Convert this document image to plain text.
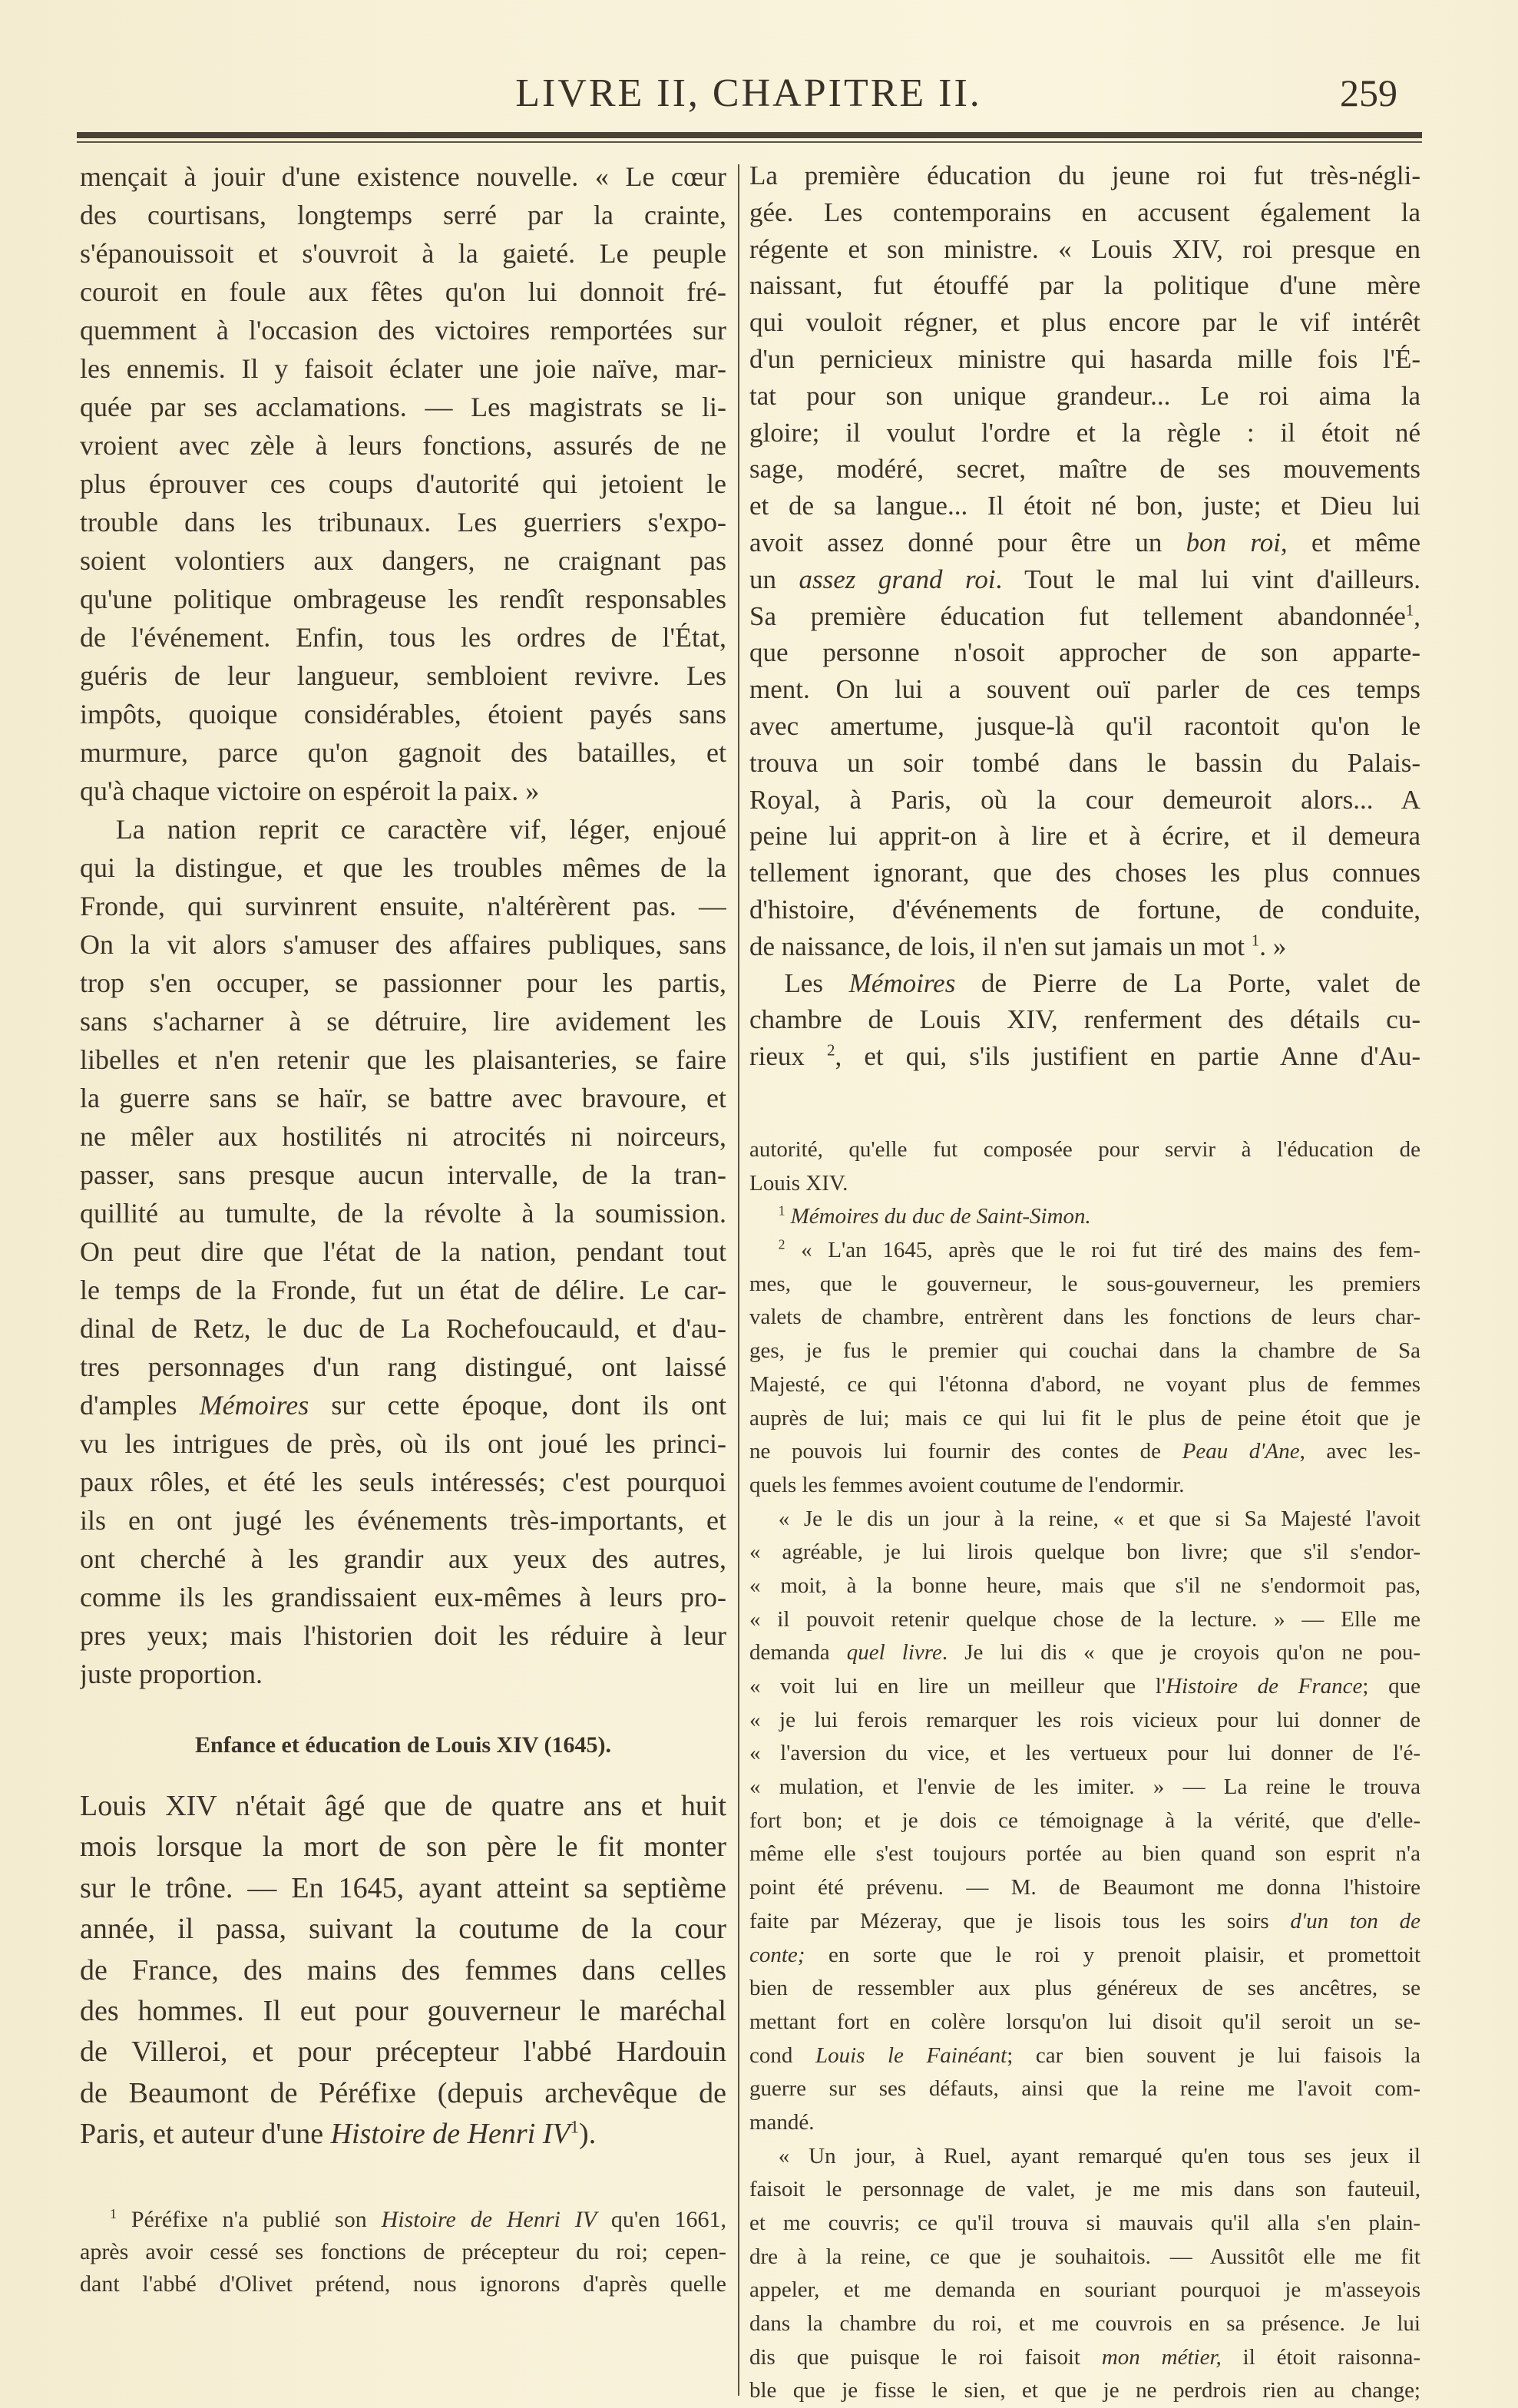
LIVRE II, CHAPITRE II.	259
mençait à jouir d'une existence nouvelle. « Le cœur
des courtisans, longtemps serré par la crainte,
s'épanouissoit et s'ouvroit à la gaieté. Le peuple
couroit en foule aux fêtes qu'on lui donnoit fré-
quemment à l'occasion des victoires remportées sur
les ennemis. Il y faisoit éclater une joie naïve, mar-
quée par ses acclamations. — Les magistrats se li-
vroient avec zèle à leurs fonctions, assurés de ne
plus éprouver ces coups d'autorité qui jetoient le
trouble dans les tribunaux. Les guerriers s'expo-
soient volontiers aux dangers, ne craignant pas
qu'une politique ombrageuse les rendît responsables
de l'événement. Enfin, tous les ordres de l'État,
guéris de leur langueur, sembloient revivre. Les
impôts, quoique considérables, étoient payés sans
murmure, parce qu'on gagnoit des batailles, et
qu'à chaque victoire on espéroit la paix. »
La nation reprit ce caractère vif, léger, enjoué
qui la distingue, et que les troubles mêmes de la
Fronde, qui survinrent ensuite, n'altérèrent pas. —
On la vit alors s'amuser des affaires publiques, sans
trop s'en occuper, se passionner pour les partis,
sans s'acharner à se détruire, lire avidement les
libelles et n'en retenir que les plaisanteries, se faire
la guerre sans se haïr, se battre avec bravoure, et
ne mêler aux hostilités ni atrocités ni noirceurs,
passer, sans presque aucun intervalle, de la tran-
quillité au tumulte, de la révolte à la soumission.
On peut dire que l'état de la nation, pendant tout
le temps de la Fronde, fut un état de délire. Le car-
dinal de Retz, le duc de La Rochefoucauld, et d'au-
tres personnages d'un rang distingué, ont laissé
d'amples Mémoires sur cette époque, dont ils ont
vu les intrigues de près, où ils ont joué les princi-
paux rôles, et été les seuls intéressés; c'est pourquoi
ils en ont jugé les événements très-importants, et
ont cherché à les grandir aux yeux des autres,
comme ils les grandissaient eux-mêmes à leurs pro-
pres yeux; mais l'historien doit les réduire à leur
juste proportion.
Enfance et éducation de Louis XIV (1645).
Louis XIV n'était âgé que de quatre ans et huit
mois lorsque la mort de son père le fit monter
sur le trône. — En 1645, ayant atteint sa septième
année, il passa, suivant la coutume de la cour
de France, des mains des femmes dans celles
des hommes. Il eut pour gouverneur le maréchal
de Villeroi, et pour précepteur l'abbé Hardouin
de Beaumont de Péréfixe (depuis archevêque de
Paris, et auteur d'une Histoire de Henri $IV^1$).
$^1$ Péréfixe n'a publié son Histoire de Henri IV qu'en 1661,
après avoir cessé ses fonctions de précepteur du roi; cepen-
dant l'abbé d'Olivet prétend, nous ignorons d'après quelle
La première éducation du jeune roi fut très-négli-
gée. Les contemporains en accusent également la
régente et son ministre. « Louis XIV, roi presque en
naissant, fut étouffé par la politique d'une mère
qui vouloit régner, et plus encore par le vif intérêt
d'un pernicieux ministre qui hasarda mille fois l'É-
tat pour son unique grandeur... Le roi aima la
gloire; il voulut l'ordre et la règle : il étoit né
sage, modéré, secret, maître de ses mouvements
et de sa langue... Il étoit né bon, juste; et Dieu lui
avoit assez donné pour être un bon roi, et même
un assez grand roi. Tout le mal lui vint d'ailleurs.
Sa première éducation fut tellement abandonnée$^1$,
que personne n'osoit approcher de son apparte-
ment. On lui a souvent ouï parler de ces temps
avec amertume, jusque-là qu'il racontoit qu'on le
trouva un soir tombé dans le bassin du Palais-
Royal, à Paris, où la cour demeuroit alors... A
peine lui apprit-on à lire et à écrire, et il demeura
tellement ignorant, que des choses les plus connues
d'histoire, d'événements de fortune, de conduite,
de naissance, de lois, il n'en sut jamais un mot $^1$. »
Les Mémoires de Pierre de La Porte, valet de
chambre de Louis XIV, renferment des détails cu-
rieux $^2$, et qui, s'ils justifient en partie Anne d'Au-
autorité, qu'elle fut composée pour servir à l'éducation de
Louis XIV.
$^1$ Mémoires du duc de Saint-Simon.
$^2$ « L'an 1645, après que le roi fut tiré des mains des fem-
mes, que le gouverneur, le sous-gouverneur, les premiers
valets de chambre, entrèrent dans les fonctions de leurs char-
ges, je fus le premier qui couchai dans la chambre de Sa
Majesté, ce qui l'étonna d'abord, ne voyant plus de femmes
auprès de lui; mais ce qui lui fit le plus de peine étoit que je
ne pouvois lui fournir des contes de Peau d'Ane, avec les-
quels les femmes avoient coutume de l'endormir.
« Je le dis un jour à la reine, « et que si Sa Majesté l'avoit
« agréable, je lui lirois quelque bon livre; que s'il s'endor-
« moit, à la bonne heure, mais que s'il ne s'endormoit pas,
« il pouvoit retenir quelque chose de la lecture. » — Elle me
demanda quel livre. Je lui dis « que je croyois qu'on ne pou-
« voit lui en lire un meilleur que l'Histoire de France; que
« je lui ferois remarquer les rois vicieux pour lui donner de
« l'aversion du vice, et les vertueux pour lui donner de l'é-
« mulation, et l'envie de les imiter. » — La reine le trouva
fort bon; et je dois ce témoignage à la vérité, que d'elle-
même elle s'est toujours portée au bien quand son esprit n'a
point été prévenu. — M. de Beaumont me donna l'histoire
faite par Mézeray, que je lisois tous les soirs d'un ton de
conte; en sorte que le roi y prenoit plaisir, et promettoit
bien de ressembler aux plus généreux de ses ancêtres, se
mettant fort en colère lorsqu'on lui disoit qu'il seroit un se-
cond Louis le Fainéant; car bien souvent je lui faisois la
guerre sur ses défauts, ainsi que la reine me l'avoit com-
mandé.
« Un jour, à Ruel, ayant remarqué qu'en tous ses jeux il
faisoit le personnage de valet, je me mis dans son fauteuil,
et me couvris; ce qu'il trouva si mauvais qu'il alla s'en plain-
dre à la reine, ce que je souhaitois. — Aussitôt elle me fit
appeler, et me demanda en souriant pourquoi je m'asseyois
dans la chambre du roi, et me couvrois en sa présence. Je lui
dis que puisque le roi faisoit mon métier, il étoit raisonna-
ble que je fisse le sien, et que je ne perdrois rien au change;
